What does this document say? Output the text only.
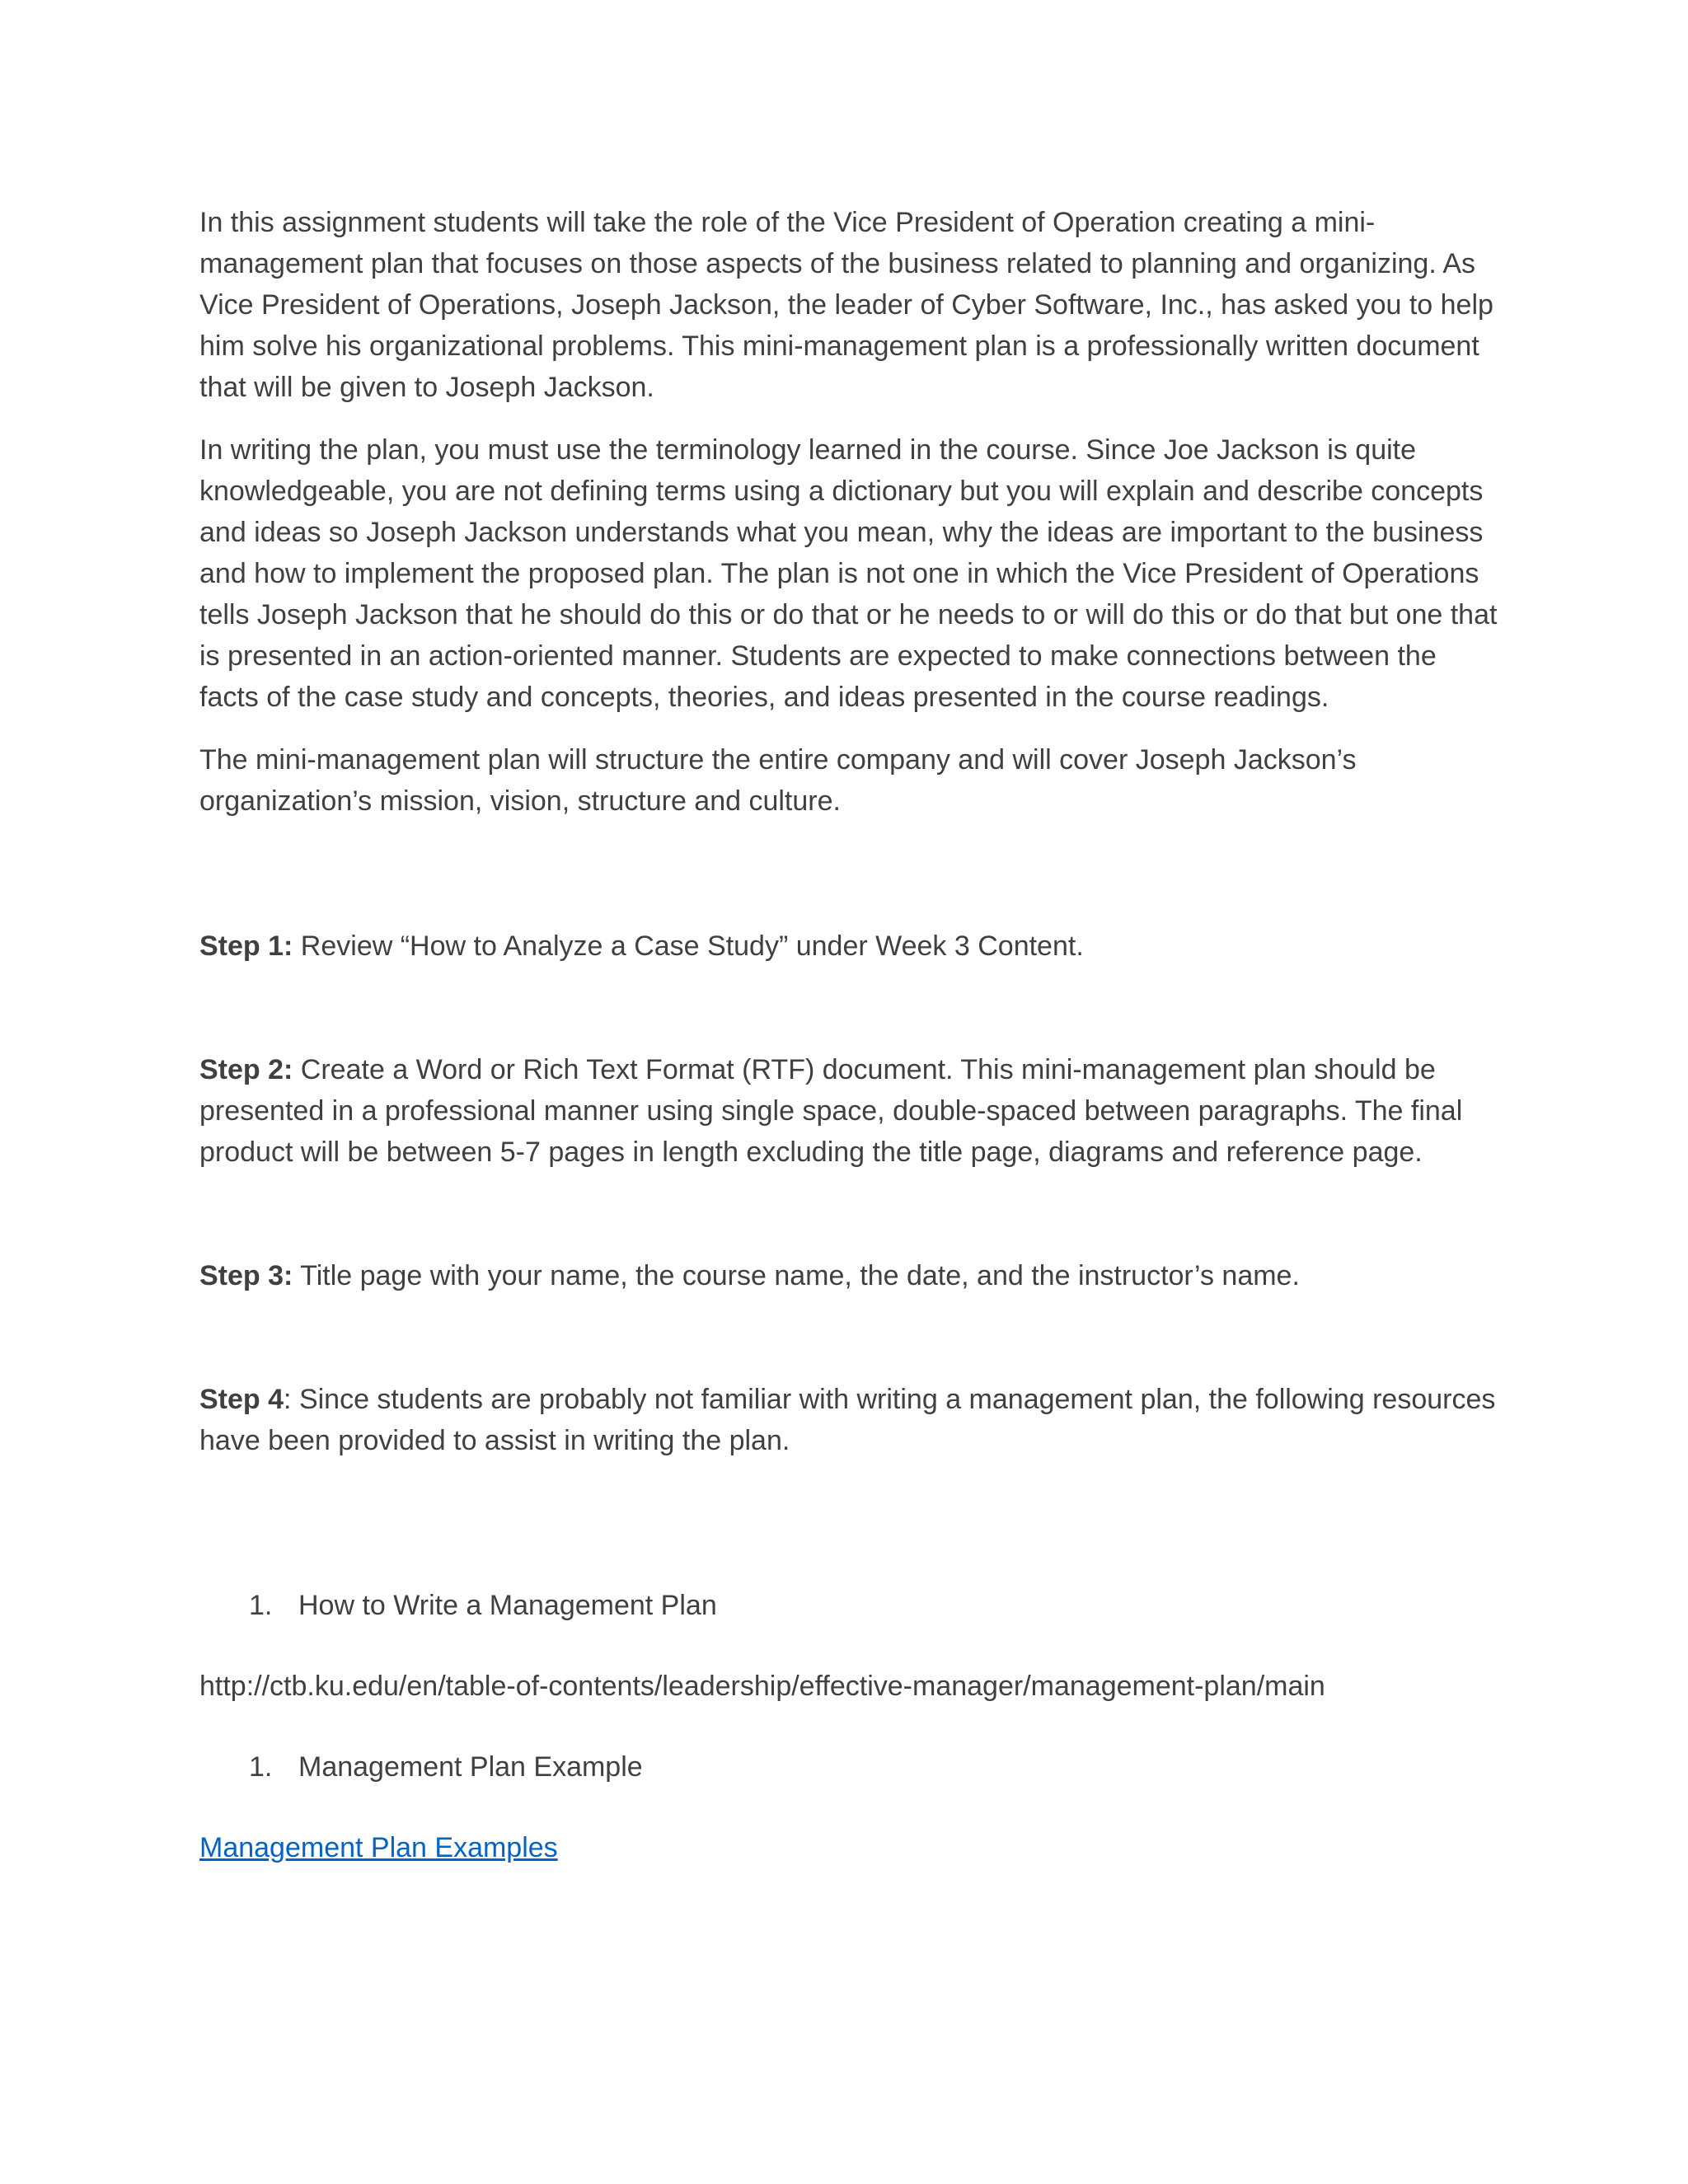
In this assignment students will take the role of the Vice President of Operation creating a mini-management plan that focuses on those aspects of the business related to planning and organizing. As Vice President of Operations, Joseph Jackson, the leader of Cyber Software, Inc., has asked you to help him solve his organizational problems. This mini-management plan is a professionally written document that will be given to Joseph Jackson.

In writing the plan, you must use the terminology learned in the course. Since Joe Jackson is quite knowledgeable, you are not defining terms using a dictionary but you will explain and describe concepts and ideas so Joseph Jackson understands what you mean, why the ideas are important to the business and how to implement the proposed plan. The plan is not one in which the Vice President of Operations tells Joseph Jackson that he should do this or do that or he needs to or will do this or do that but one that is presented in an action-oriented manner. Students are expected to make connections between the facts of the case study and concepts, theories, and ideas presented in the course readings.

The mini-management plan will structure the entire company and will cover Joseph Jackson’s organization’s mission, vision, structure and culture.

Step 1: Review “How to Analyze a Case Study” under Week 3 Content.

Step 2: Create a Word or Rich Text Format (RTF) document. This mini-management plan should be presented in a professional manner using single space, double-spaced between paragraphs. The final product will be between 5-7 pages in length excluding the title page, diagrams and reference page.

Step 3: Title page with your name, the course name, the date, and the instructor’s name.

Step 4: Since students are probably not familiar with writing a management plan, the following resources have been provided to assist in writing the plan.

1. How to Write a Management Plan

http://ctb.ku.edu/en/table-of-contents/leadership/effective-manager/management-plan/main

1. Management Plan Example

Management Plan Examples
